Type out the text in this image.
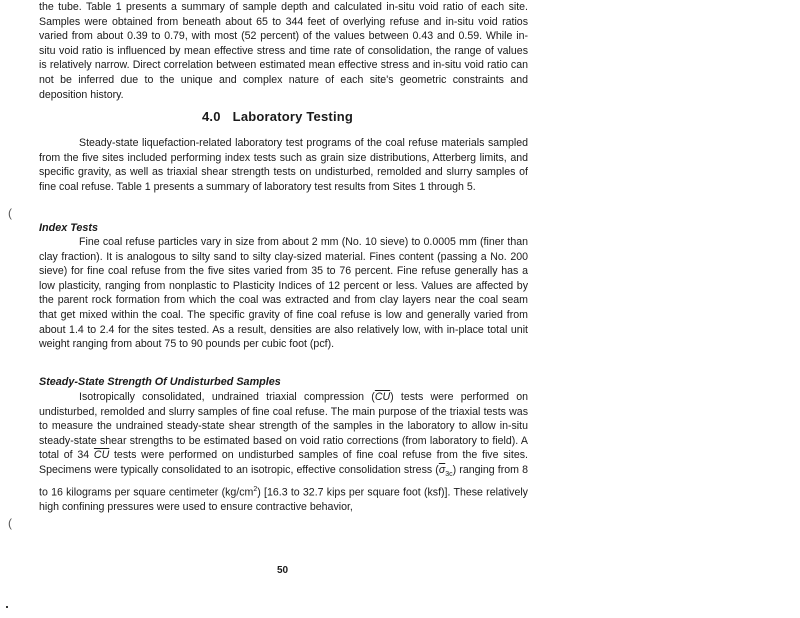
the tube. Table 1 presents a summary of sample depth and calculated in-situ void ratio of each site. Samples were obtained from beneath about 65 to 344 feet of overlying refuse and in-situ void ratios varied from about 0.39 to 0.79, with most (52 percent) of the values between 0.43 and 0.59. While in-situ void ratio is influenced by mean effective stress and time rate of consolidation, the range of values is relatively narrow. Direct correlation between estimated mean effective stress and in-situ void ratio can not be inferred due to the unique and complex nature of each site's geometric constraints and deposition history.

4.0 Laboratory Testing

Steady-state liquefaction-related laboratory test programs of the coal refuse materials sampled from the five sites included performing index tests such as grain size distributions, Atterberg limits, and specific gravity, as well as triaxial shear strength tests on undisturbed, remolded and slurry samples of fine coal refuse. Table 1 presents a summary of laboratory test results from Sites 1 through 5.

Index Tests

Fine coal refuse particles vary in size from about 2 mm (No. 10 sieve) to 0.0005 mm (finer than clay fraction). It is analogous to silty sand to silty clay-sized material. Fines content (passing a No. 200 sieve) for fine coal refuse from the five sites varied from 35 to 76 percent. Fine refuse generally has a low plasticity, ranging from nonplastic to Plasticity Indices of 12 percent or less. Values are affected by the parent rock formation from which the coal was extracted and from clay layers near the coal seam that get mixed within the coal. The specific gravity of fine coal refuse is low and generally varied from about 1.4 to 2.4 for the sites tested. As a result, densities are also relatively low, with in-place total unit weight ranging from about 75 to 90 pounds per cubic foot (pcf).

Steady-State Strength Of Undisturbed Samples

Isotropically consolidated, undrained triaxial compression $(\overline{CU})$ tests were performed on undisturbed, remolded and slurry samples of fine coal refuse. The main purpose of the triaxial tests was to measure the undrained steady-state shear strength of the samples in the laboratory to allow in-situ steady-state shear strengths to be estimated based on void ratio corrections (from laboratory to field). A total of 34 $\overline{CU}$ tests were performed on undisturbed samples of fine coal refuse from the five sites. Specimens were typically consolidated to an isotropic, effective consolidation stress $(\overline{\sigma}_{3c})$ ranging from 8 to 16 kilograms per square centimeter $(kg/cm^2)$ [16.3 to 32.7 kips per square foot (ksf)]. These relatively high confining pressures were used to ensure contractive behavior,

50
(
(
